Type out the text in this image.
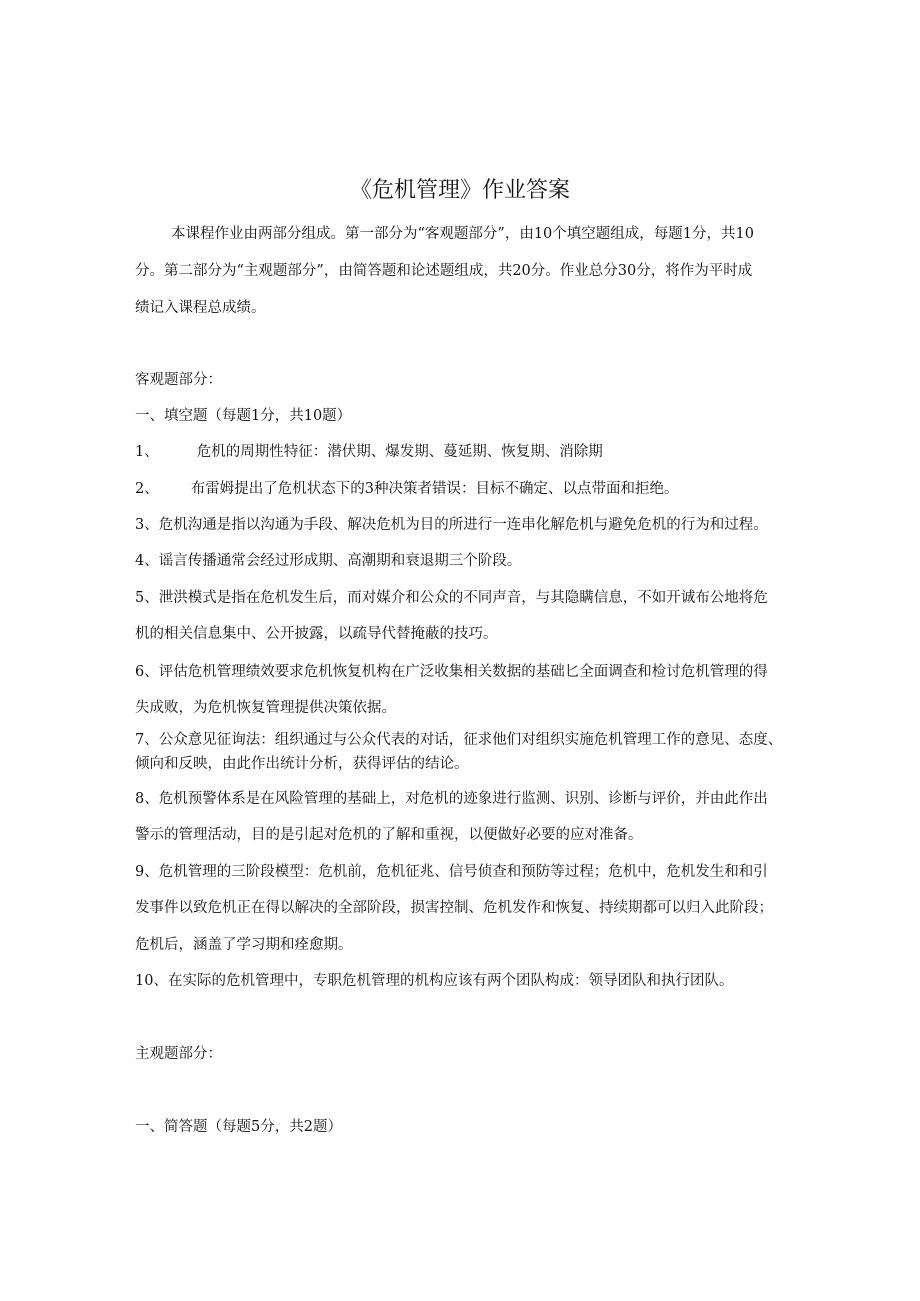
《危机管理》作业答案

本课程作业由两部分组成。第一部分为“客观题部分”，由10个填空题组成，每题1分，共10

分。第二部分为“主观题部分”，由简答题和论述题组成，共20分。作业总分30分，将作为平时成

绩记入课程总成绩。

客观题部分：

一、填空题（每题1分，共10题）

1、	危机的周期性特征：潜伏期、爆发期、蔓延期、恢复期、消除期

2、 布雷姆提出了危机状态下的3种决策者错误：目标不确定、以点带面和拒绝。

3、危机沟通是指以沟通为手段、解决危机为目的所进行一连串化解危机与避免危机的行为和过程。

4、谣言传播通常会经过形成期、高潮期和衰退期三个阶段。

5、泄洪模式是指在危机发生后，而对媒介和公众的不同声音，与其隐瞒信息，不如开诚布公地将危

机的相关信息集中、公开披露，以疏导代替掩蔽的技巧。

6、评估危机管理绩效要求危机恢复机构在广泛收集相关数据的基础匕全面调查和检讨危机管理的得

失成败，为危机恢复管理提供决策依据。

7、公众意见征询法：组织通过与公众代表的对话，征求他们对组织实施危机管理工作的意见、态度、

倾向和反映，由此作出统计分析，获得评估的结论。

8、危机预警体系是在风险管理的基础上，对危机的迹象进行监测、识别、诊断与评价，并由此作出

警示的管理活动，目的是引起对危机的了解和重视，以便做好必要的应对准备。

9、危机管理的三阶段模型：危机前，危机征兆、信号侦查和预防等过程；危机中，危机发生和和引

发事件以致危机正在得以解决的全部阶段，损害控制、危机发作和恢复、持续期都可以归入此阶段；

危机后，涵盖了学习期和痊愈期。

10、在实际的危机管理中，专职危机管理的机构应该有两个团队构成：领导团队和执行团队。

主观题部分：

一、简答题（每题5分，共2题）
